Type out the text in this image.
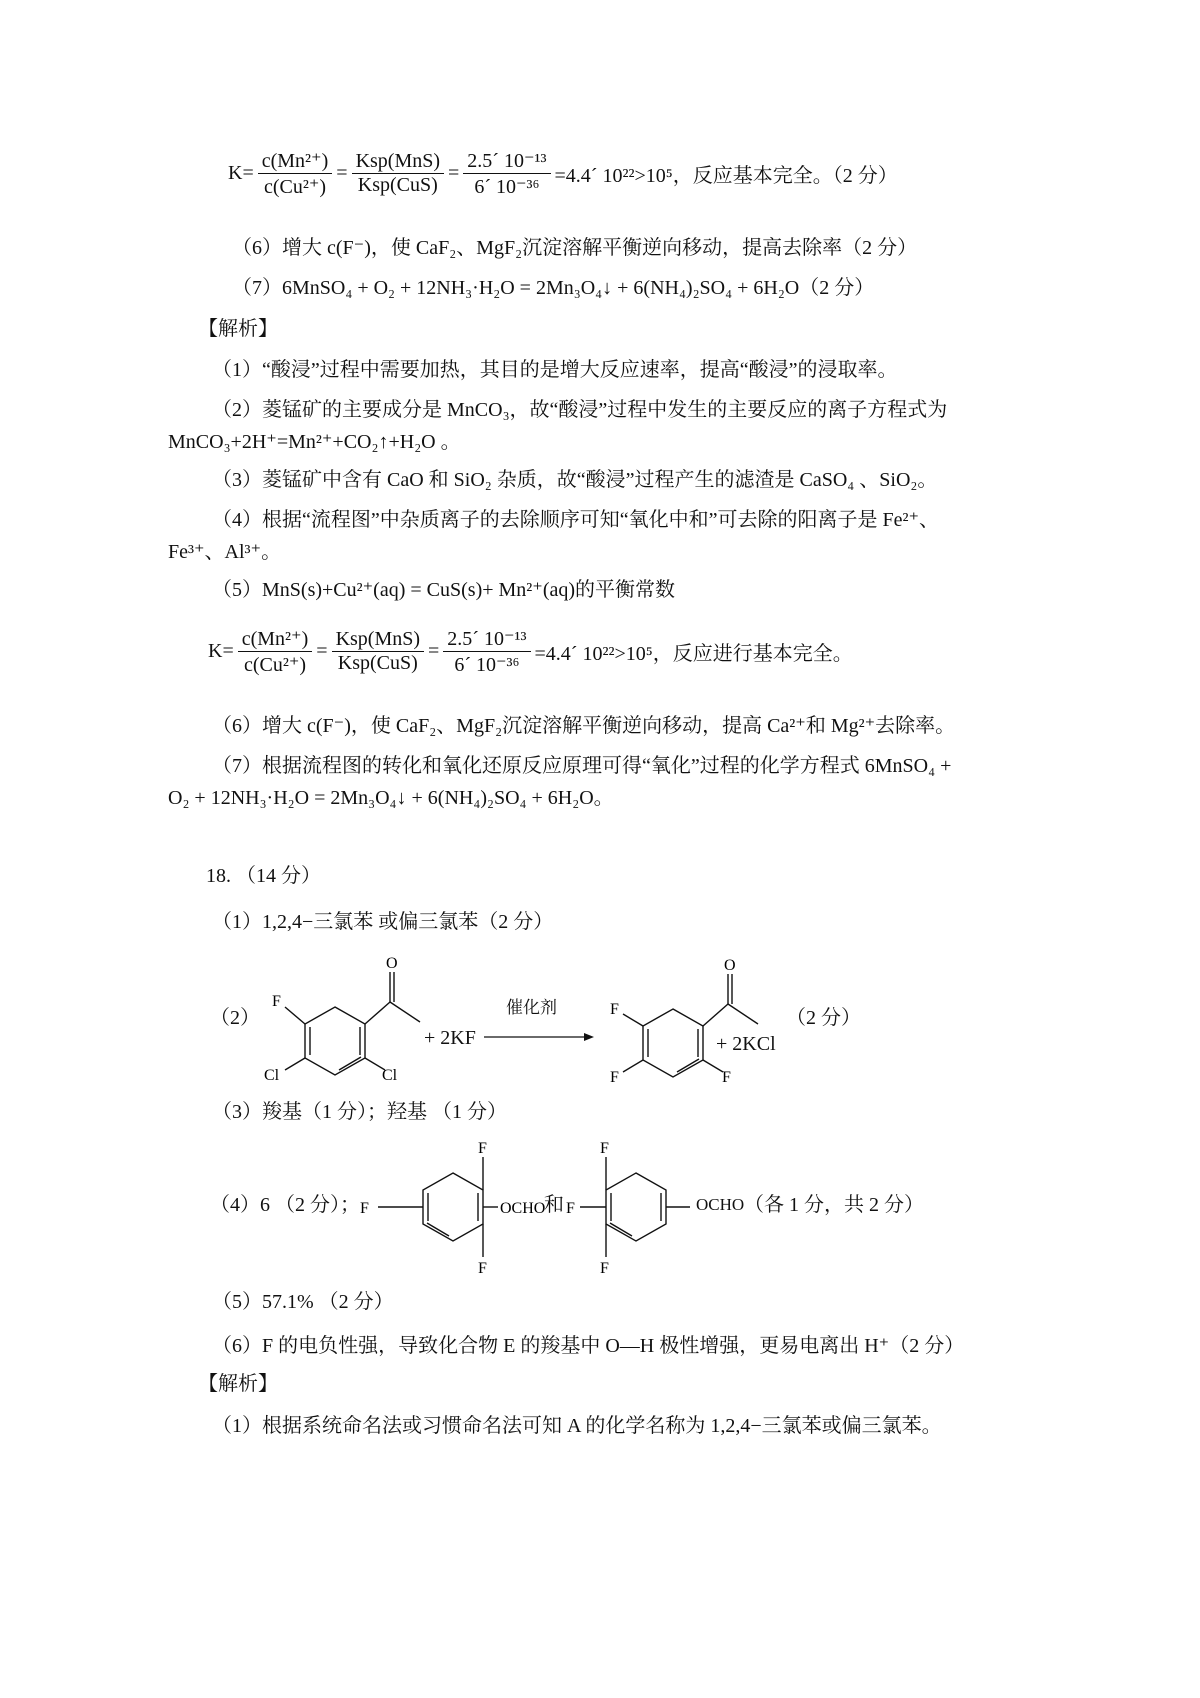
$K= \frac{\text{c(Mn²⁺)}}{\text{c(Cu²⁺)}} = \frac{\text{Ksp(MnS)}}{\text{Ksp(CuS)}} = \frac{\text{2.5´ 10⁻¹³}}{\text{6´ 10⁻³⁶}}$ =4.4´ 10²²>10⁵，反应基本完全。（2 分）
（6）增大 c(F⁻)，使 CaF₂、MgF₂沉淀溶解平衡逆向移动，提高去除率（2 分）
（7）6MnSO₄ + O₂ + 12NH₃·H₂O = 2Mn₃O₄↓ + 6(NH₄)₂SO₄ + 6H₂O（2 分）
【解析】
（1）“酸浸”过程中需要加热，其目的是增大反应速率，提高“酸浸”的浸取率。
（2）菱锰矿的主要成分是 MnCO₃，故“酸浸”过程中发生的主要反应的离子方程式为
MnCO₃+2H⁺=Mn²⁺+CO₂↑+H₂O 。
（3）菱锰矿中含有 CaO 和 SiO₂ 杂质，故“酸浸”过程产生的滤渣是 CaSO₄ 、SiO₂。
（4）根据“流程图”中杂质离子的去除顺序可知“氧化中和”可去除的阳离子是 Fe²⁺、
Fe³⁺、Al³⁺。
（5）MnS(s)+Cu²⁺(aq) = CuS(s)+ Mn²⁺(aq)的平衡常数
$K= \frac{\text{c(Mn²⁺)}}{\text{c(Cu²⁺)}} = \frac{\text{Ksp(MnS)}}{\text{Ksp(CuS)}} = \frac{\text{2.5´ 10⁻¹³}}{\text{6´ 10⁻³⁶}}$ =4.4´ 10²²>10⁵，反应进行基本完全。
（6）增大 c(F⁻)，使 CaF₂、MgF₂沉淀溶解平衡逆向移动，提高 Ca²⁺和 Mg²⁺去除率。
（7）根据流程图的转化和氧化还原反应原理可得“氧化”过程的化学方程式 6MnSO₄ +
O₂ + 12NH₃·H₂O = 2Mn₃O₄↓ + 6(NH₄)₂SO₄ + 6H₂O。
18. （14 分）
（1）1,2,4−三氯苯 或偏三氯苯（2 分）
（2）
O
F
Cl	Cl
+ 2KF
催化剂
O
F
F	F
+ 2KCl
（2 分）
（3）羧基（1 分）；羟基 （1 分）
（4）6 （2 分）；
F
F
F	OCHO
和
F
F
F	OCHO （各 1 分，共 2 分）
（5）57.1% （2 分）
（6）F 的电负性强，导致化合物 E 的羧基中 O—H 极性增强，更易电离出 H⁺（2 分）
【解析】
（1）根据系统命名法或习惯命名法可知 A 的化学名称为 1,2,4−三氯苯或偏三氯苯。
